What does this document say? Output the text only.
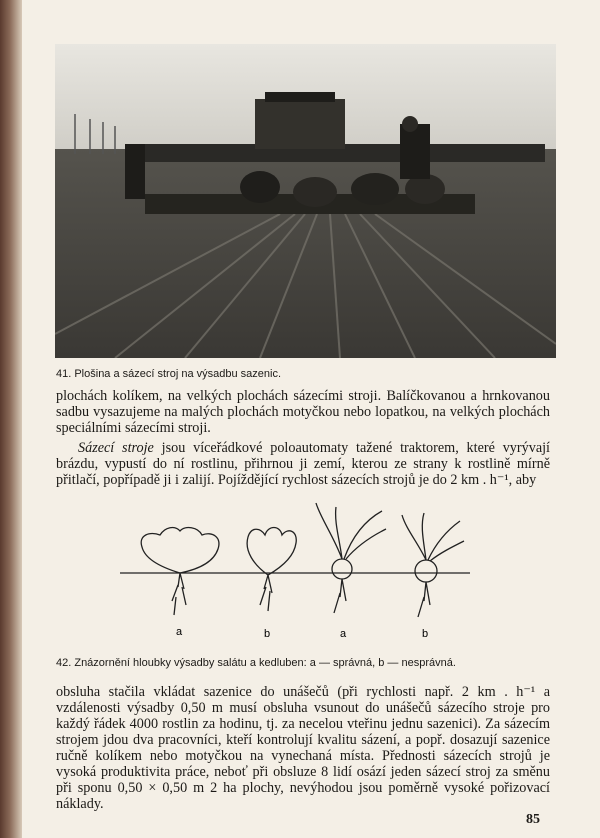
41. Plošina a sázecí stroj na výsadbu sazenic.

plochách kolíkem, na velkých plochách sázecími stroji. Balíčkovanou a hrnkovanou sadbu vysazujeme na malých plochách motyčkou nebo lopatkou, na velkých plochách speciálními sázecími stroji.

Sázecí stroje jsou víceřádkové poloautomaty tažené traktorem, které vyrývají brázdu, vypustí do ní rostlinu, přihrnou ji zemí, kterou ze strany k rostlině mírně přitlačí, popřípadě ji i zalijí. Pojíždějící rychlost sázecích strojů je do 2 km . h⁻¹, aby

a	b	a	b
42. Znázornění hloubky výsadby salátu a kedluben: a — správná, b — nesprávná.

obsluha stačila vkládat sazenice do unášečů (při rychlosti např. 2 km . h⁻¹ a vzdálenosti výsadby 0,50 m musí obsluha vsunout do unášečů sázecího stroje pro každý řádek 4000 rostlin za hodinu, tj. za necelou vteřinu jednu sazenici). Za sázecím strojem jdou dva pracovníci, kteří kontrolují kvalitu sázení, a popř. dosazují sazenice ručně kolíkem nebo motyčkou na vynechaná místa. Přednosti sázecích strojů je vysoká produktivita práce, neboť při obsluze 8 lidí osází jeden sázecí stroj za směnu při sponu 0,50 × 0,50 m 2 ha plochy, nevýhodou jsou poměrně vysoké pořizovací náklady.

85
